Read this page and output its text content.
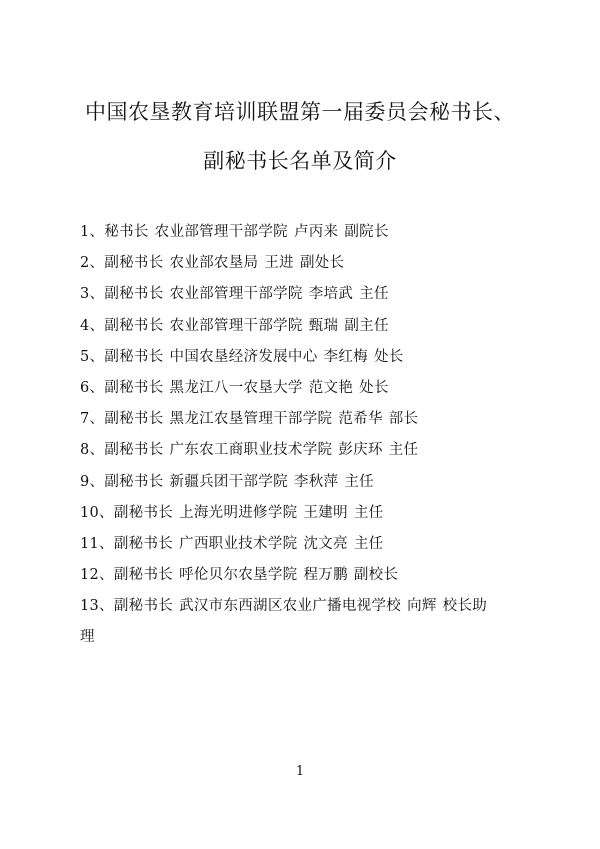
中国农垦教育培训联盟第一届委员会秘书长、
副秘书长名单及简介
1、秘书长 农业部管理干部学院 卢丙来 副院长
2、副秘书长 农业部农垦局 王进 副处长
3、副秘书长 农业部管理干部学院 李培武 主任
4、副秘书长 农业部管理干部学院 甄瑞 副主任
5、副秘书长 中国农垦经济发展中心 李红梅 处长
6、副秘书长 黑龙江八一农垦大学 范文艳 处长
7、副秘书长 黑龙江农垦管理干部学院 范希华 部长
8、副秘书长 广东农工商职业技术学院 彭庆环 主任
9、副秘书长 新疆兵团干部学院 李秋萍 主任
10、副秘书长 上海光明进修学院 王建明 主任
11、副秘书长 广西职业技术学院 沈文亮 主任
12、副秘书长 呼伦贝尔农垦学院 程万鹏 副校长
13、副秘书长 武汉市东西湖区农业广播电视学校 向辉 校长助理
1
